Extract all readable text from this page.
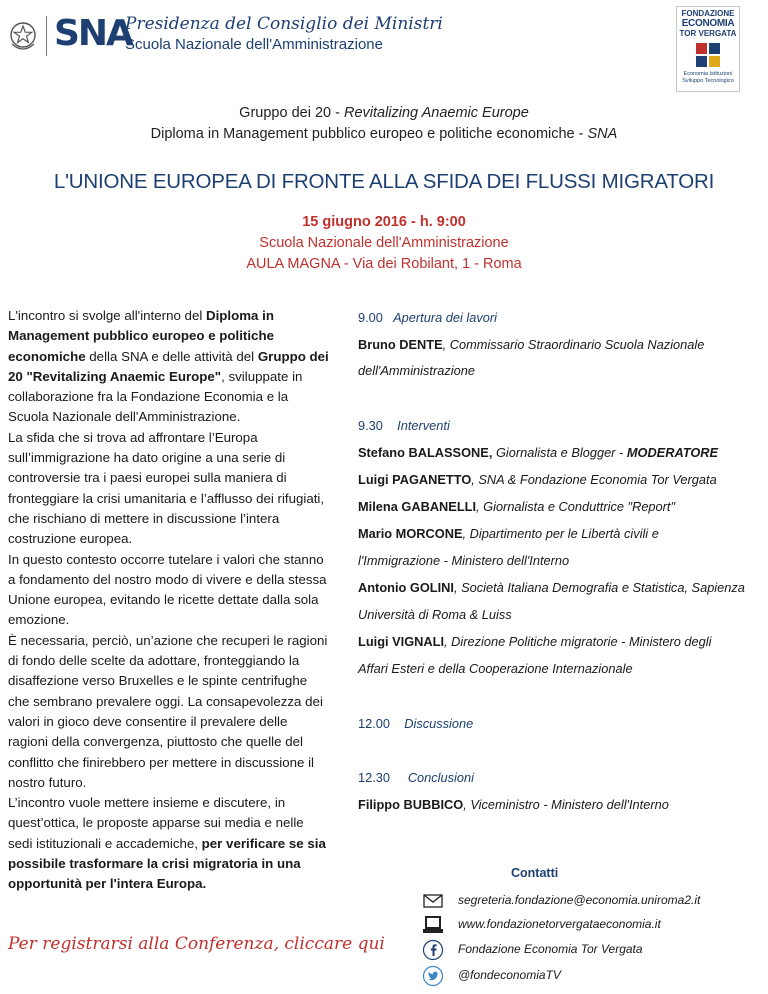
SNA
Presidenza del Consiglio dei Ministri
Scuola Nazionale dell'Amministrazione
FONDAZIONE
ECONOMIA
TOR VERGATA
Economia Istituzioni
Sviluppo Tecnologico
Gruppo dei 20 - Revitalizing Anaemic Europe
Diploma in Management pubblico europeo e politiche economiche - SNA
L'UNIONE EUROPEA DI FRONTE ALLA SFIDA DEI FLUSSI MIGRATORI
15 giugno 2016 - h. 9:00
Scuola Nazionale dell'Amministrazione
AULA MAGNA - Via dei Robilant, 1 - Roma
L'incontro si svolge all'interno del Diploma in Management pubblico europeo e politiche economiche della SNA e delle attività del Gruppo dei 20 "Revitalizing Anaemic Europe", sviluppate in collaborazione fra la Fondazione Economia e la Scuola Nazionale dell'Amministrazione.
La sfida che si trova ad affrontare l’Europa sull’immigrazione ha dato origine a una serie di controversie tra i paesi europei sulla maniera di fronteggiare la crisi umanitaria e l’afflusso dei rifugiati, che rischiano di mettere in discussione l’intera costruzione europea.
In questo contesto occorre tutelare i valori che stanno a fondamento del nostro modo di vivere e della stessa Unione europea, evitando le ricette dettate dalla sola emozione.
È necessaria, perciò, un’azione che recuperi le ragioni di fondo delle scelte da adottare, fronteggiando la disaffezione verso Bruxelles e le spinte centrifughe che sembrano prevalere oggi. La consapevolezza dei valori in gioco deve consentire il prevalere delle ragioni della convergenza, piuttosto che quelle del conflitto che finirebbero per mettere in discussione il nostro futuro.
L’incontro vuole mettere insieme e discutere, in quest’ottica, le proposte apparse sui media e nelle sedi istituzionali e accademiche, per verificare se sia possibile trasformare la crisi migratoria in una opportunità per l'intera Europa.
Per registrarsi alla Conferenza, cliccare qui
9.00 Apertura dei lavori
Bruno DENTE, Commissario Straordinario Scuola Nazionale
dell'Amministrazione
9.30 Interventi
Stefano BALASSONE, Giornalista e Blogger - MODERATORE
Luigi PAGANETTO, SNA & Fondazione Economia Tor Vergata
Milena GABANELLI, Giornalista e Conduttrice "Report"
Mario MORCONE, Dipartimento per le Libertà civili e
l'Immigrazione - Ministero dell'Interno
Antonio GOLINI, Società Italiana Demografia e Statistica, Sapienza
Università di Roma & Luiss
Luigi VIGNALI, Direzione Politiche migratorie - Ministero degli
Affari Esteri e della Cooperazione Internazionale
12.00 Discussione
12.30 Conclusioni
Filippo BUBBICO, Viceministro - Ministero dell'Interno
Contatti
segreteria.fondazione@economia.uniroma2.it
www.fondazionetorvergataeconomia.it
Fondazione Economia Tor Vergata
@fondeconomiaTV
